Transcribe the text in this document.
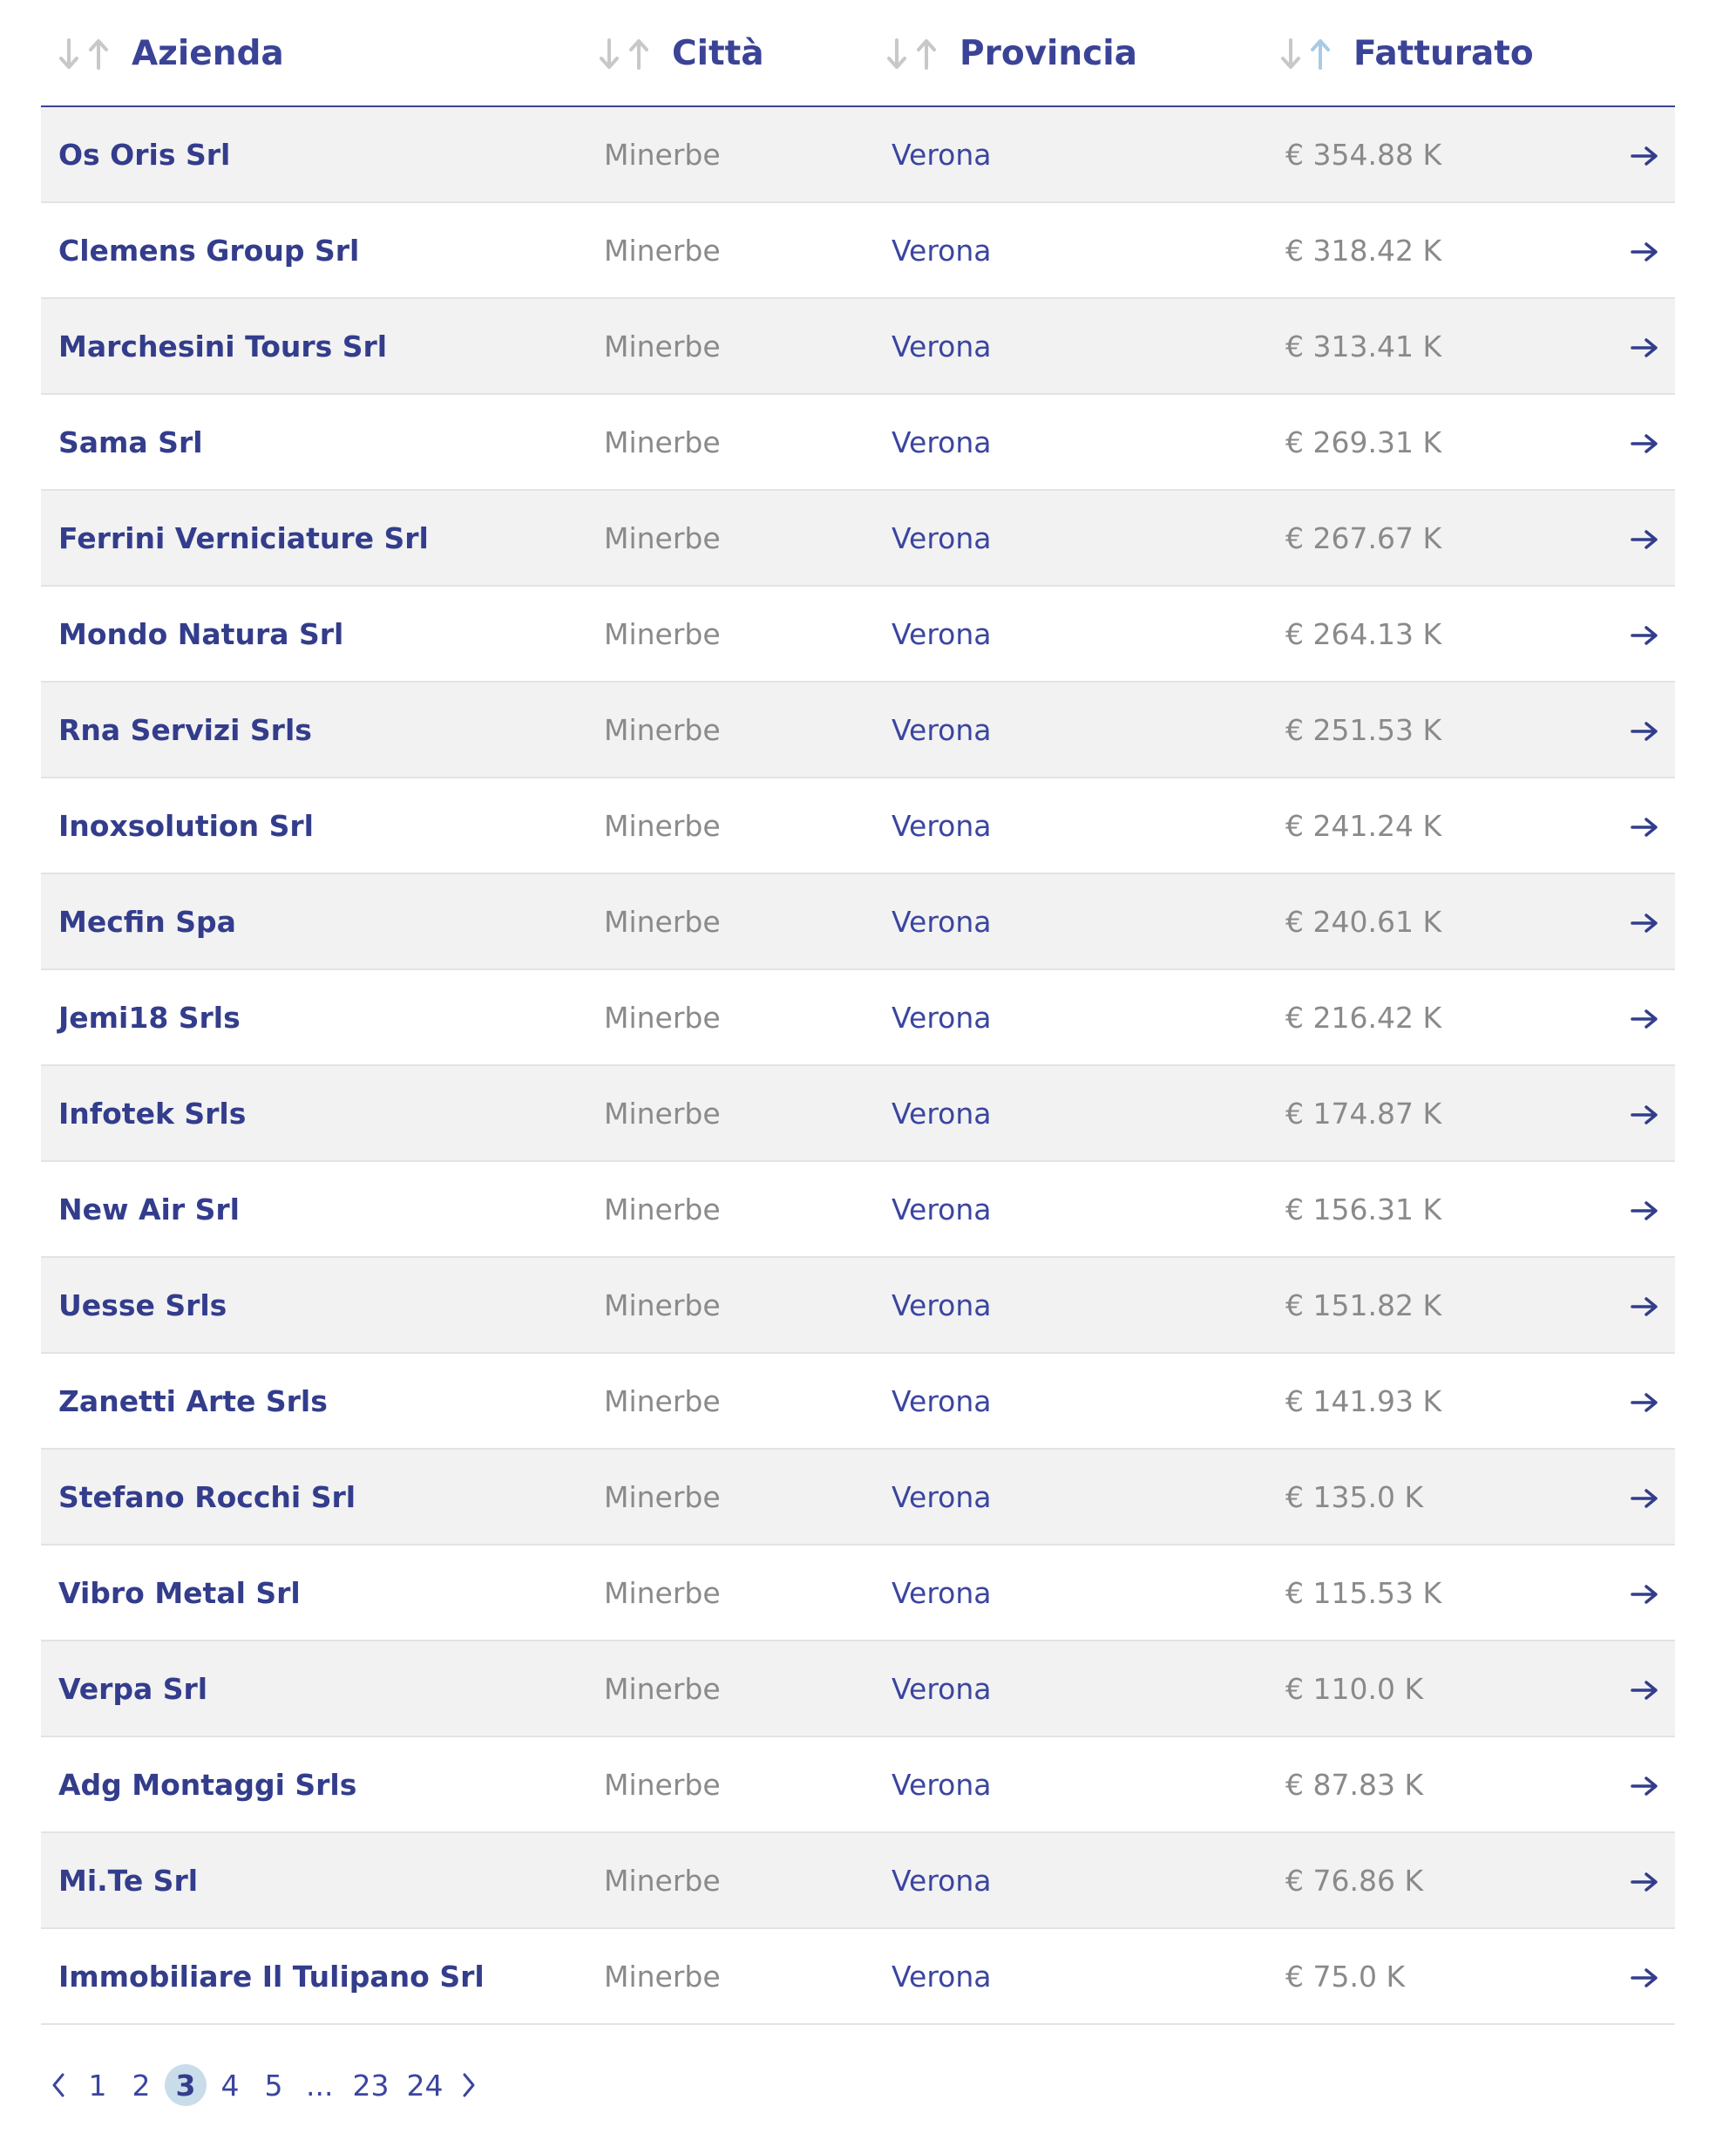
Azienda	Città	Provincia	Fatturato	
Os Oris Srl	Minerbe	Verona	€ 354.88 K	
Clemens Group Srl	Minerbe	Verona	€ 318.42 K	
Marchesini Tours Srl	Minerbe	Verona	€ 313.41 K	
Sama Srl	Minerbe	Verona	€ 269.31 K	
Ferrini Verniciature Srl	Minerbe	Verona	€ 267.67 K	
Mondo Natura Srl	Minerbe	Verona	€ 264.13 K	
Rna Servizi Srls	Minerbe	Verona	€ 251.53 K	
Inoxsolution Srl	Minerbe	Verona	€ 241.24 K	
Mecfin Spa	Minerbe	Verona	€ 240.61 K	
Jemi18 Srls	Minerbe	Verona	€ 216.42 K	
Infotek Srls	Minerbe	Verona	€ 174.87 K	
New Air Srl	Minerbe	Verona	€ 156.31 K	
Uesse Srls	Minerbe	Verona	€ 151.82 K	
Zanetti Arte Srls	Minerbe	Verona	€ 141.93 K	
Stefano Rocchi Srl	Minerbe	Verona	€ 135.0 K	
Vibro Metal Srl	Minerbe	Verona	€ 115.53 K	
Verpa Srl	Minerbe	Verona	€ 110.0 K	
Adg Montaggi Srls	Minerbe	Verona	€ 87.83 K	
Mi.Te Srl	Minerbe	Verona	€ 76.86 K	
Immobiliare Il Tulipano Srl	Minerbe	Verona	€ 75.0 K	
1 2 3 4 5 ... 23 24
